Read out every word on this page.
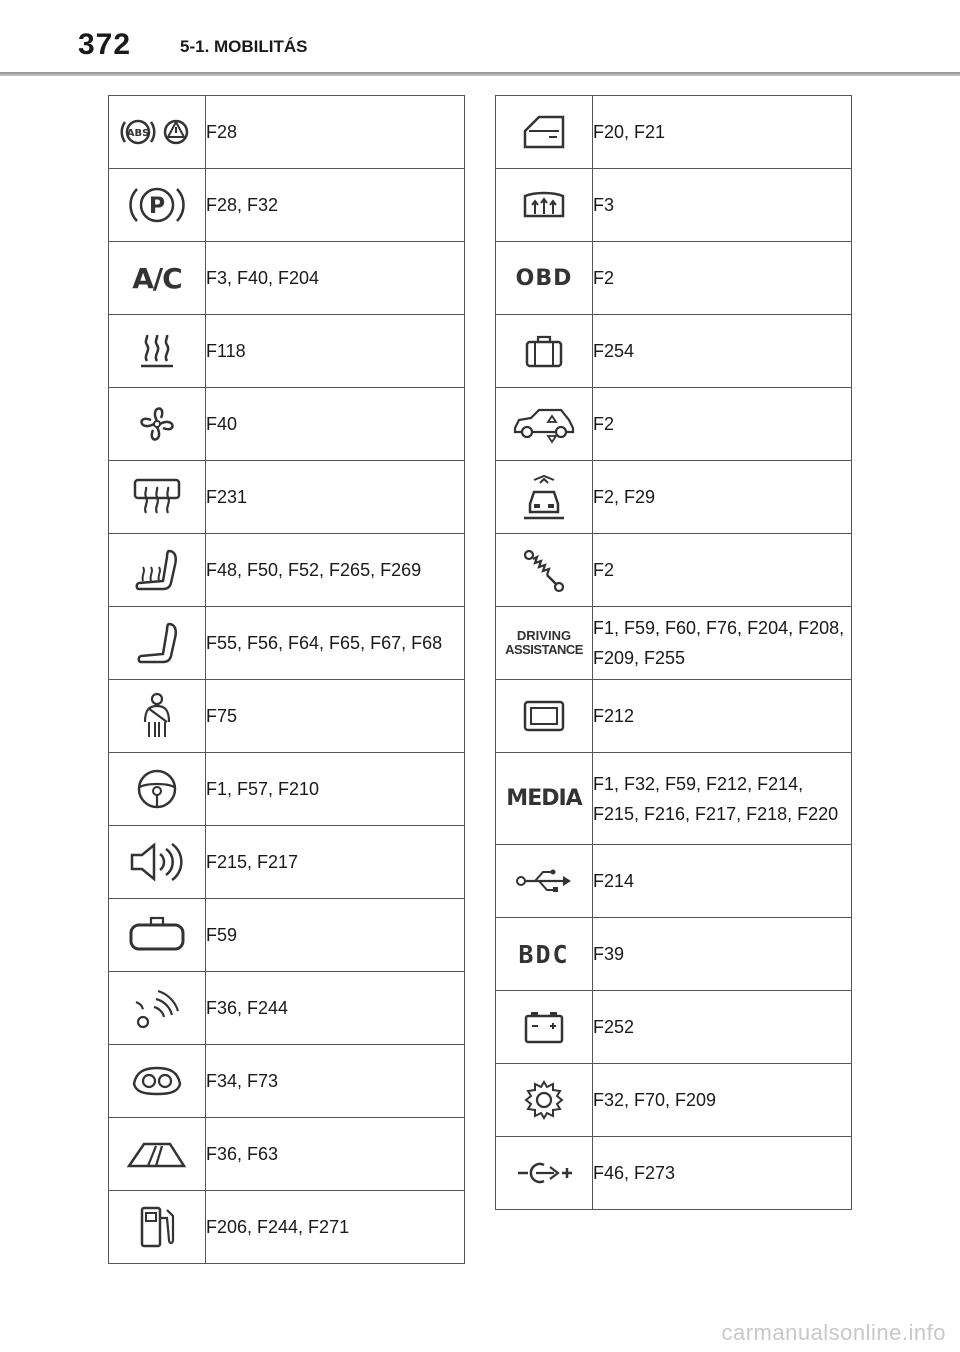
372	5-1. MOBILITÁS
ABS	F28

P	F28, F32
A/C	F3, F40, F204

	F118

	F40

	F231

	F48, F50, F52, F265, F269

	F55, F56, F64, F65, F67, F68

	F75

	F1, F57, F210

	F215, F217

	F59

	F36, F244

	F34, F73

	F36, F63

	F206, F244, F271
	F20, F21

	F3
OBD	F2

	F254

	F2

	F2, F29

	F2

DRIVING
ASSISTANCE	F1, F59, F60, F76, F204, F208, F209, F255

	F212
MEDIA	F1, F32, F59, F212, F214, F215, F216, F217, F218, F220

	F214
BDC	F39

	F252

	F32, F70, F209

	F46, F273
carmanualsonline.info
